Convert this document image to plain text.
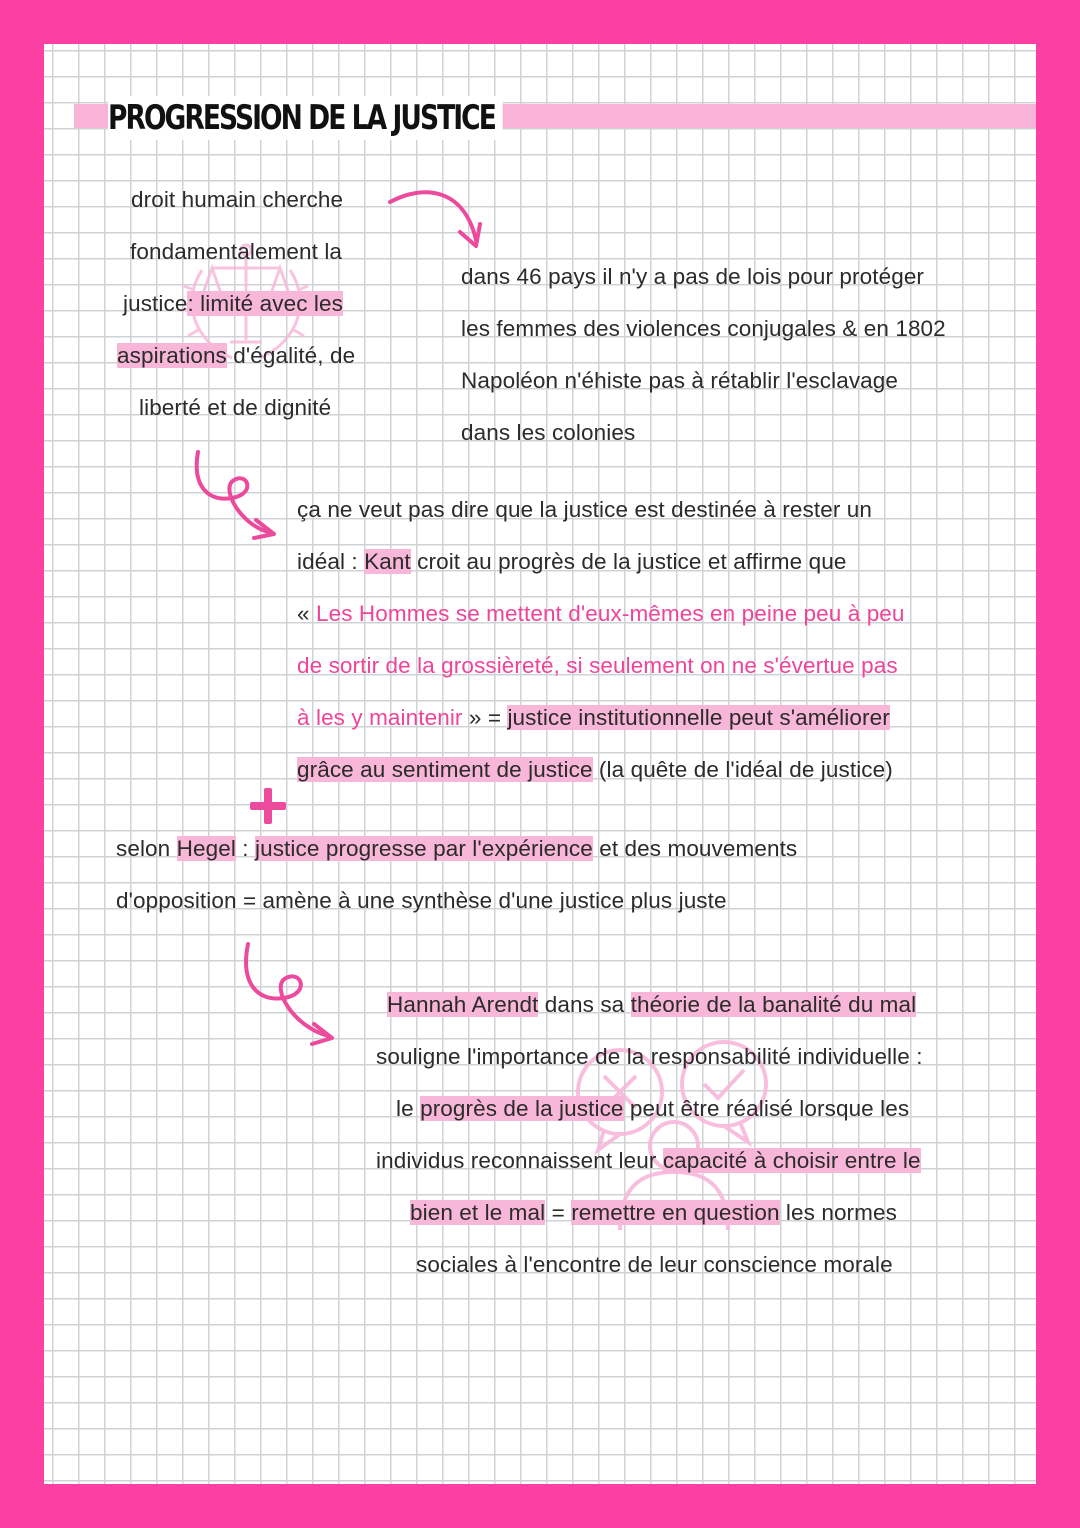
PROGRESSION DE LA JUSTICE
droit humain cherche
fondamentalement la
justice: limité avec les
aspirations d'égalité, de
liberté et de dignité
dans 46 pays il n'y a pas de lois pour protéger
les femmes des violences conjugales & en 1802
Napoléon n'éhiste pas à rétablir l'esclavage
dans les colonies
ça ne veut pas dire que la justice est destinée à rester un
idéal : Kant croit au progrès de la justice et affirme que
« Les Hommes se mettent d'eux-mêmes en peine peu à peu
de sortir de la grossièreté, si seulement on ne s'évertue pas
à les y maintenir » = justice institutionnelle peut s'améliorer
grâce au sentiment de justice (la quête de l'idéal de justice)
selon Hegel : justice progresse par l'expérience et des mouvements
d'opposition = amène à une synthèse d'une justice plus juste
Hannah Arendt dans sa théorie de la banalité du mal
souligne l'importance de la responsabilité individuelle :
le progrès de la justice peut être réalisé lorsque les
individus reconnaissent leur capacité à choisir entre le
bien et le mal = remettre en question les normes
sociales à l'encontre de leur conscience morale
